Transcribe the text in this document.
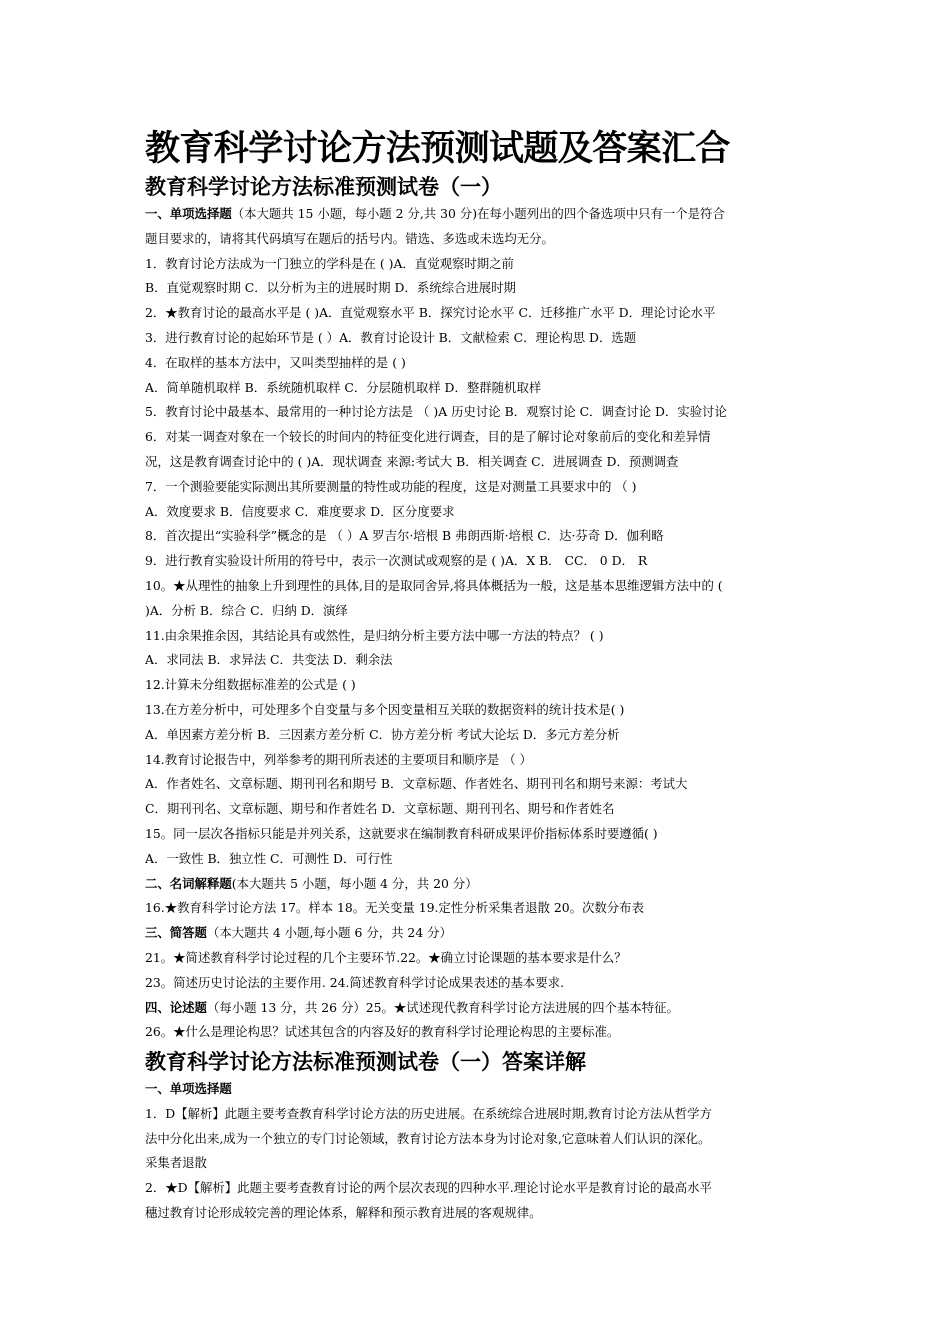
教育科学讨论方法预测试题及答案汇合
教育科学讨论方法标准预测试卷（一）
一、单项选择题（本大题共 15 小题，每小题 2 分,共 30 分)在每小题列出的四个备选项中只有一个是符合
题目要求的，请将其代码填写在题后的括号内。错选、多选或未选均无分。
1．教育讨论方法成为一门独立的学科是在 ( )A．直觉观察时期之前
B．直觉观察时期 C．以分析为主的进展时期 D．系统综合进展时期
2．★教育讨论的最高水平是 ( )A．直觉观察水平 B．探究讨论水平 C．迁移推广水平 D．理论讨论水平
3．进行教育讨论的起始环节是 ( ）A．教育讨论设计 B．文献检索 C．理论构思 D．选题
4．在取样的基本方法中，又叫类型抽样的是 ( )
A．简单随机取样 B．系统随机取样 C．分层随机取样 D．整群随机取样
5．教育讨论中最基本、最常用的一种讨论方法是 （ )A 历史讨论 B．观察讨论 C．调查讨论 D．实验讨论
6．对某一调查对象在一个较长的时间内的特征变化进行调查，目的是了解讨论对象前后的变化和差异情
况，这是教育调查讨论中的 ( )A．现状调查 来源:考试大 B．相关调查 C．进展调查 D．预测调查
7．一个测验要能实际测出其所要测量的特性或功能的程度，这是对测量工具要求中的 （ )
A．效度要求 B．信度要求 C．难度要求 D．区分度要求
8．首次提出“实验科学”概念的是 （ ）A 罗吉尔·培根 B 弗朗西斯·培根 C．达·芬奇 D．伽利略
9．进行教育实验设计所用的符号中，表示一次测试或观察的是 ( )A．X B． CC． 0 D． R
10。★从理性的抽象上升到理性的具体,目的是取同舍异,将具体概括为一般，这是基本思维逻辑方法中的 (
)A．分析 B．综合 C．归纳 D．演绎
11.由余果推余因，其结论具有或然性，是归纳分析主要方法中哪一方法的特点？ ( )
A．求同法 B．求异法 C．共变法 D．剩余法
12.计算未分组数据标准差的公式是 ( )
13.在方差分析中，可处理多个自变量与多个因变量相互关联的数据资料的统计技术是( )
A．单因素方差分析 B．三因素方差分析 C．协方差分析 考试大论坛 D．多元方差分析
14.教育讨论报告中，列举参考的期刊所表述的主要项目和顺序是 （ ）
A．作者姓名、文章标题、期刊刊名和期号 B．文章标题、作者姓名、期刊刊名和期号来源：考试大
C．期刊刊名、文章标题、期号和作者姓名 D．文章标题、期刊刊名、期号和作者姓名
15。同一层次各指标只能是并列关系，这就要求在编制教育科研成果评价指标体系时要遵循( )
A．一致性 B．独立性 C．可测性 D．可行性
二、名词解释题(本大题共 5 小题，每小题 4 分，共 20 分）
16.★教育科学讨论方法 17。样本 18。无关变量 19.定性分析采集者退散 20。次数分布表
三、简答题（本大题共 4 小题,每小题 6 分，共 24 分）
21。★简述教育科学讨论过程的几个主要环节.22。★确立讨论课题的基本要求是什么？
23。简述历史讨论法的主要作用. 24.简述教育科学讨论成果表述的基本要求.
四、论述题（每小题 13 分，共 26 分）25。★试述现代教育科学讨论方法进展的四个基本特征。
26。★什么是理论构思？试述其包含的内容及好的教育科学讨论理论构思的主要标准。
教育科学讨论方法标准预测试卷（一）答案详解
一、单项选择题
1．D【解析】此题主要考查教育科学讨论方法的历史进展。在系统综合进展时期,教育讨论方法从哲学方
法中分化出来,成为一个独立的专门讨论领域，教育讨论方法本身为讨论对象,它意味着人们认识的深化。
采集者退散
2．★D【解析】此题主要考查教育讨论的两个层次表现的四种水平.理论讨论水平是教育讨论的最高水平
穗过教育讨论形成较完善的理论体系，解释和预示教育进展的客观规律。
